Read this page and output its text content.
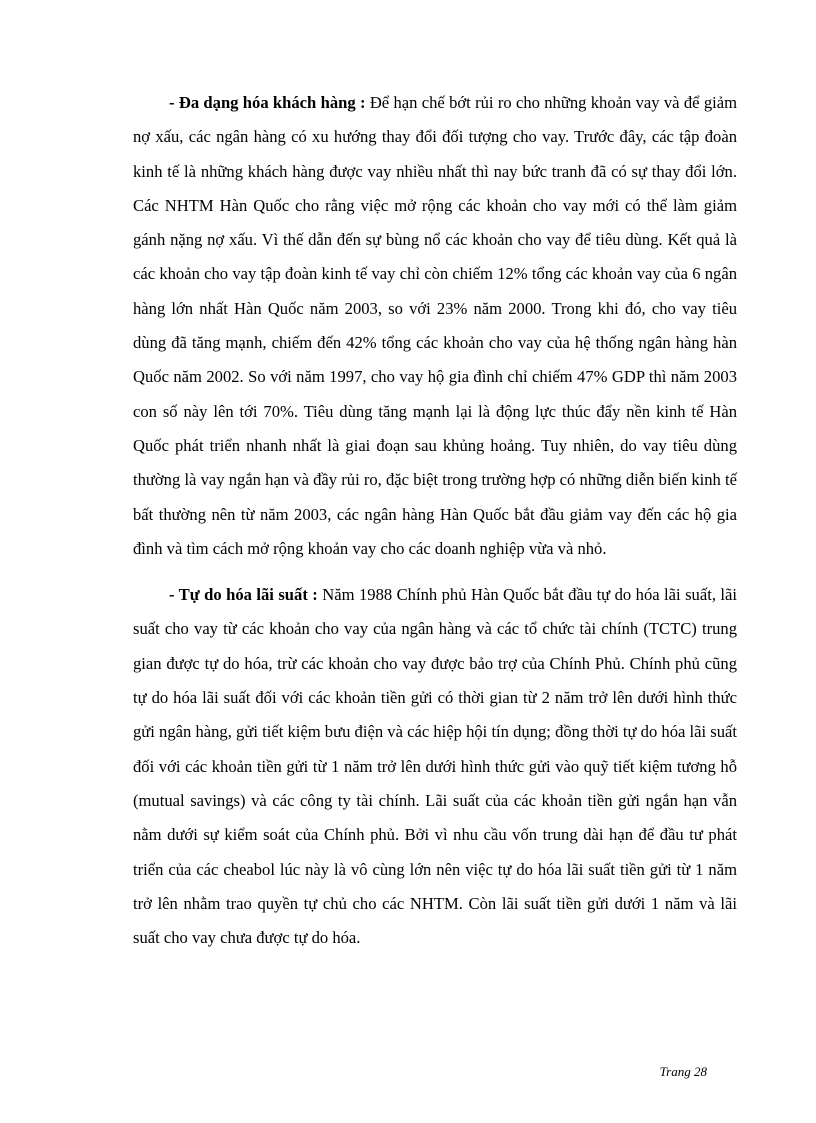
- Đa dạng hóa khách hàng : Để hạn chế bớt rủi ro cho những khoản vay và để giảm nợ xấu, các ngân hàng có xu hướng thay đổi đối tượng cho vay. Trước đây, các tập đoàn kinh tế là những khách hàng được vay nhiều nhất thì nay bức tranh đã có sự thay đổi lớn. Các NHTM Hàn Quốc cho rằng việc mở rộng các khoản cho vay mới có thể làm giảm gánh nặng nợ xấu. Vì thế dẫn đến sự bùng nổ các khoản cho vay để tiêu dùng. Kết quả là các khoản cho vay tập đoàn kinh tế vay chỉ còn chiếm 12% tổng các khoản vay của 6 ngân hàng lớn nhất Hàn Quốc năm 2003, so với 23% năm 2000. Trong khi đó, cho vay tiêu dùng đã tăng mạnh, chiếm đến 42% tổng các khoản cho vay của hệ thống ngân hàng hàn Quốc năm 2002. So với năm 1997, cho vay hộ gia đình chỉ chiếm 47% GDP thì năm 2003 con số này lên tới 70%. Tiêu dùng tăng mạnh lại là động lực thúc đẩy nền kinh tế Hàn Quốc phát triển nhanh nhất là giai đoạn sau khủng hoảng. Tuy nhiên, do vay tiêu dùng thường là vay ngắn hạn và đầy rủi ro, đặc biệt trong trường hợp có những diễn biến kinh tế bất thường nên từ năm 2003, các ngân hàng Hàn Quốc bắt đầu giảm vay đến các hộ gia đình và tìm cách mở rộng khoản vay cho các doanh nghiệp vừa và nhỏ.

- Tự do hóa lãi suất : Năm 1988 Chính phủ Hàn Quốc bắt đầu tự do hóa lãi suất, lãi suất cho vay từ các khoản cho vay của ngân hàng và các tổ chức tài chính (TCTC) trung gian được tự do hóa, trừ các khoản cho vay được bảo trợ của Chính Phủ. Chính phủ cũng tự do hóa lãi suất đối với các khoản tiền gửi có thời gian từ 2 năm trở lên dưới hình thức gửi ngân hàng, gửi tiết kiệm bưu điện và các hiệp hội tín dụng; đồng thời tự do hóa lãi suất đối với các khoản tiền gửi từ 1 năm trở lên dưới hình thức gửi vào quỹ tiết kiệm tương hỗ (mutual savings) và các công ty tài chính. Lãi suất của các khoản tiền gửi ngắn hạn vẫn nằm dưới sự kiểm soát của Chính phủ. Bởi vì nhu cầu vốn trung dài hạn để đầu tư phát triển của các cheabol lúc này là vô cùng lớn nên việc tự do hóa lãi suất tiền gửi từ 1 năm trở lên nhằm trao quyền tự chủ cho các NHTM. Còn lãi suất tiền gửi dưới 1 năm và lãi suất cho vay chưa được tự do hóa.

Trang 28
